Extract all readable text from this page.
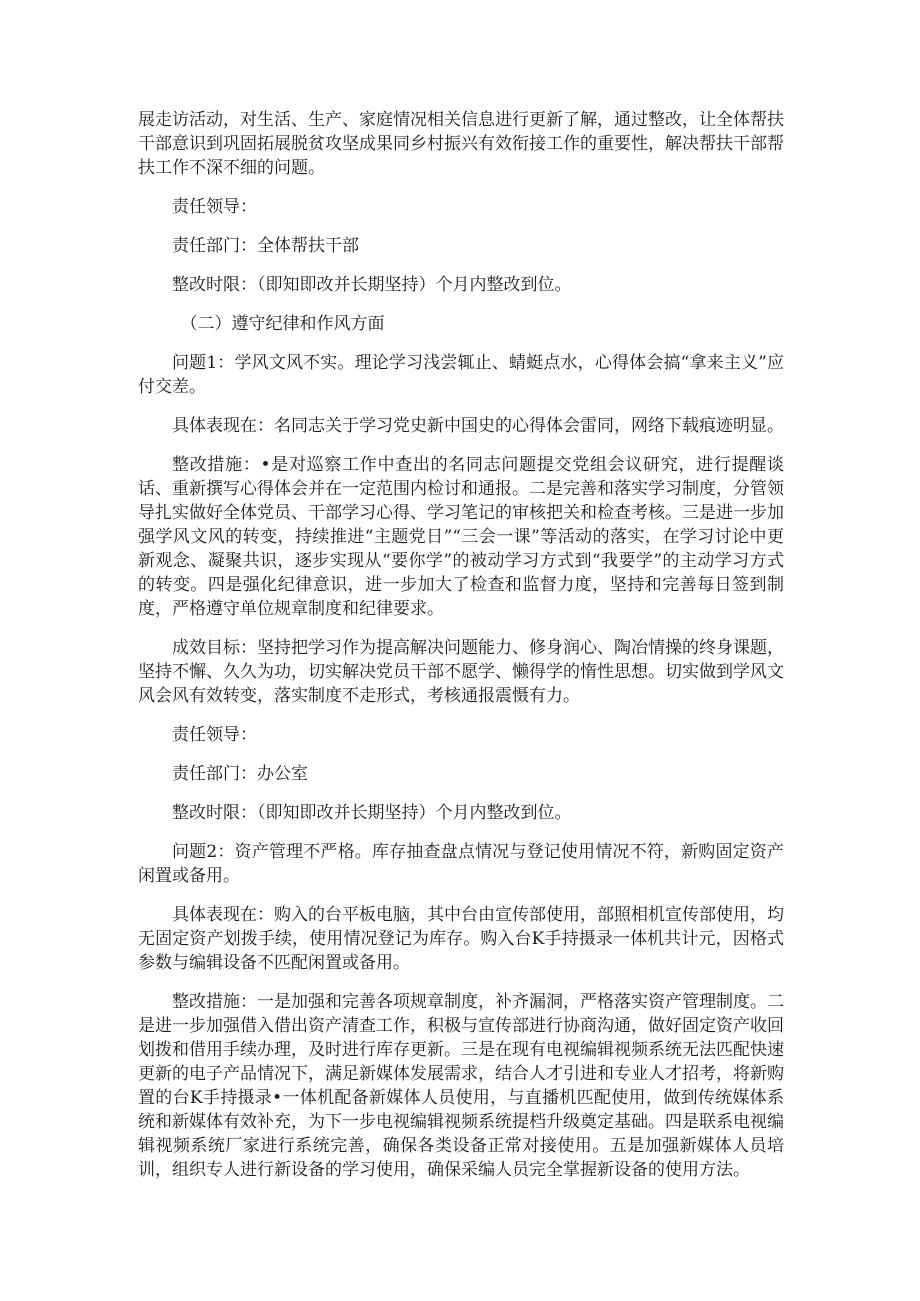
展走访活动，对生活、生产、家庭情况相关信息进行更新了解，通过整改，让全体帮扶干部意识到巩固拓展脱贫攻坚成果同乡村振兴有效衔接工作的重要性，解决帮扶干部帮扶工作不深不细的问题。

责任领导：

责任部门：全体帮扶干部

整改时限：（即知即改并长期坚持）个月内整改到位。

（二）遵守纪律和作风方面

问题1：学风文风不实。理论学习浅尝辄止、蜻蜓点水，心得体会搞“拿来主义”应付交差。

具体表现在：名同志关于学习党史新中国史的心得体会雷同，网络下载痕迹明显。

整改措施：•是对巡察工作中查出的名同志问题提交党组会议研究，进行提醒谈话、重新撰写心得体会并在一定范围内检讨和通报。二是完善和落实学习制度，分管领导扎实做好全体党员、干部学习心得、学习笔记的审核把关和检查考核。三是进一步加强学风文风的转变，持续推进“主题党日”“三会一课”等活动的落实，在学习讨论中更新观念、凝聚共识，逐步实现从“要你学”的被动学习方式到“我要学”的主动学习方式的转变。四是强化纪律意识，进一步加大了检查和监督力度，坚持和完善每日签到制度，严格遵守单位规章制度和纪律要求。

成效目标：坚持把学习作为提高解决问题能力、修身润心、陶冶情操的终身课题，坚持不懈、久久为功，切实解决党员干部不愿学、懒得学的惰性思想。切实做到学风文风会风有效转变，落实制度不走形式，考核通报震慑有力。

责任领导：

责任部门：办公室

整改时限：（即知即改并长期坚持）个月内整改到位。

问题2：资产管理不严格。库存抽查盘点情况与登记使用情况不符，新购固定资产闲置或备用。

具体表现在：购入的台平板电脑，其中台由宣传部使用，部照相机宣传部使用，均无固定资产划拨手续，使用情况登记为库存。购入台K手持摄录一体机共计元，因格式参数与编辑设备不匹配闲置或备用。

整改措施：一是加强和完善各项规章制度，补齐漏洞，严格落实资产管理制度。二是进一步加强借入借出资产清查工作，积极与宣传部进行协商沟通，做好固定资产收回划拨和借用手续办理，及时进行库存更新。三是在现有电视编辑视频系统无法匹配快速更新的电子产品情况下，满足新媒体发展需求，结合人才引进和专业人才招考，将新购置的台K手持摄录•一体机配备新媒体人员使用，与直播机匹配使用，做到传统媒体系统和新媒体有效补充，为下一步电视编辑视频系统提档升级奠定基础。四是联系电视编辑视频系统厂家进行系统完善，确保各类设备正常对接使用。五是加强新媒体人员培训，组织专人进行新设备的学习使用，确保采编人员完全掌握新设备的使用方法。
